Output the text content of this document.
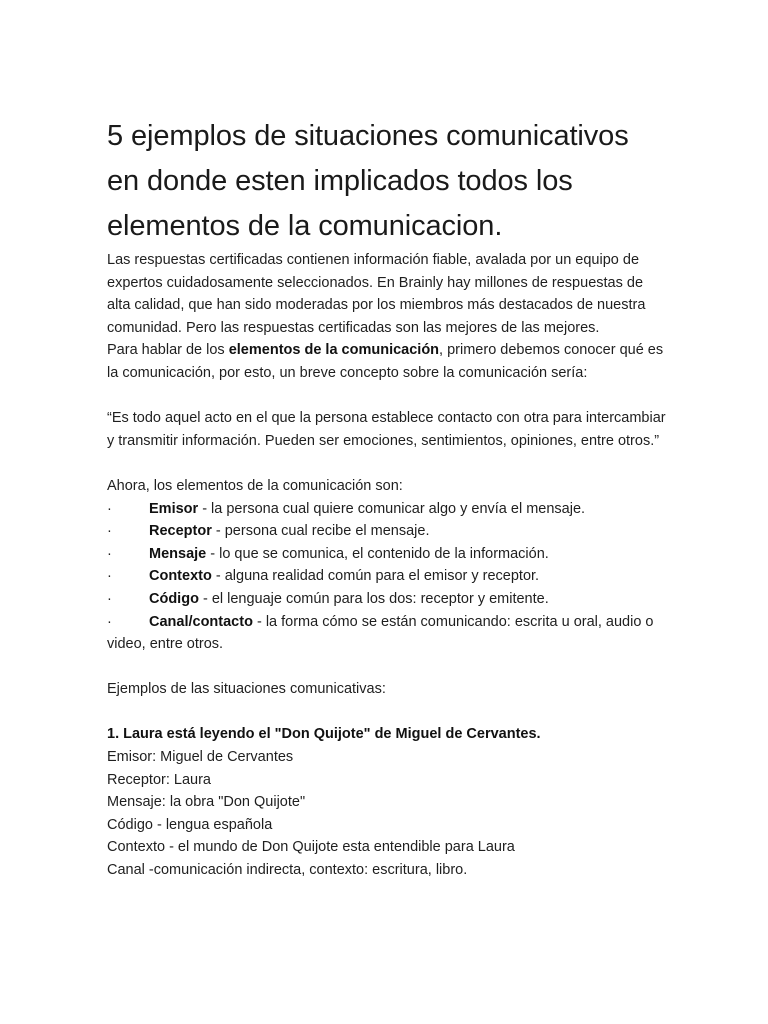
5 ejemplos de situaciones comunicativos en donde esten implicados todos los elementos de la comunicacion.

Las respuestas certificadas contienen información fiable, avalada por un equipo de expertos cuidadosamente seleccionados. En Brainly hay millones de respuestas de alta calidad, que han sido moderadas por los miembros más destacados de nuestra comunidad. Pero las respuestas certificadas son las mejores de las mejores.

Para hablar de los elementos de la comunicación, primero debemos conocer qué es la comunicación, por esto, un breve concepto sobre la comunicación sería:

“Es todo aquel acto en el que la persona establece contacto con otra para intercambiar y transmitir información. Pueden ser emociones, sentimientos, opiniones, entre otros.”

Ahora, los elementos de la comunicación son:

·	Emisor - la persona cual quiere comunicar algo y envía el mensaje.
·	Receptor - persona cual recibe el mensaje.
·	Mensaje - lo que se comunica, el contenido de la información.
·	Contexto - alguna realidad común para el emisor y receptor.
·	Código - el lenguaje común para los dos: receptor y emitente.
·	Canal/contacto - la forma cómo se están comunicando: escrita u oral, audio o video, entre otros.

Ejemplos de las situaciones comunicativas:

1. Laura está leyendo el "Don Quijote" de Miguel de Cervantes.

Emisor: Miguel de Cervantes

Receptor: Laura

Mensaje: la obra "Don Quijote"

Código - lengua española

Contexto - el mundo de Don Quijote esta entendible para Laura

Canal -comunicación indirecta, contexto: escritura, libro.
